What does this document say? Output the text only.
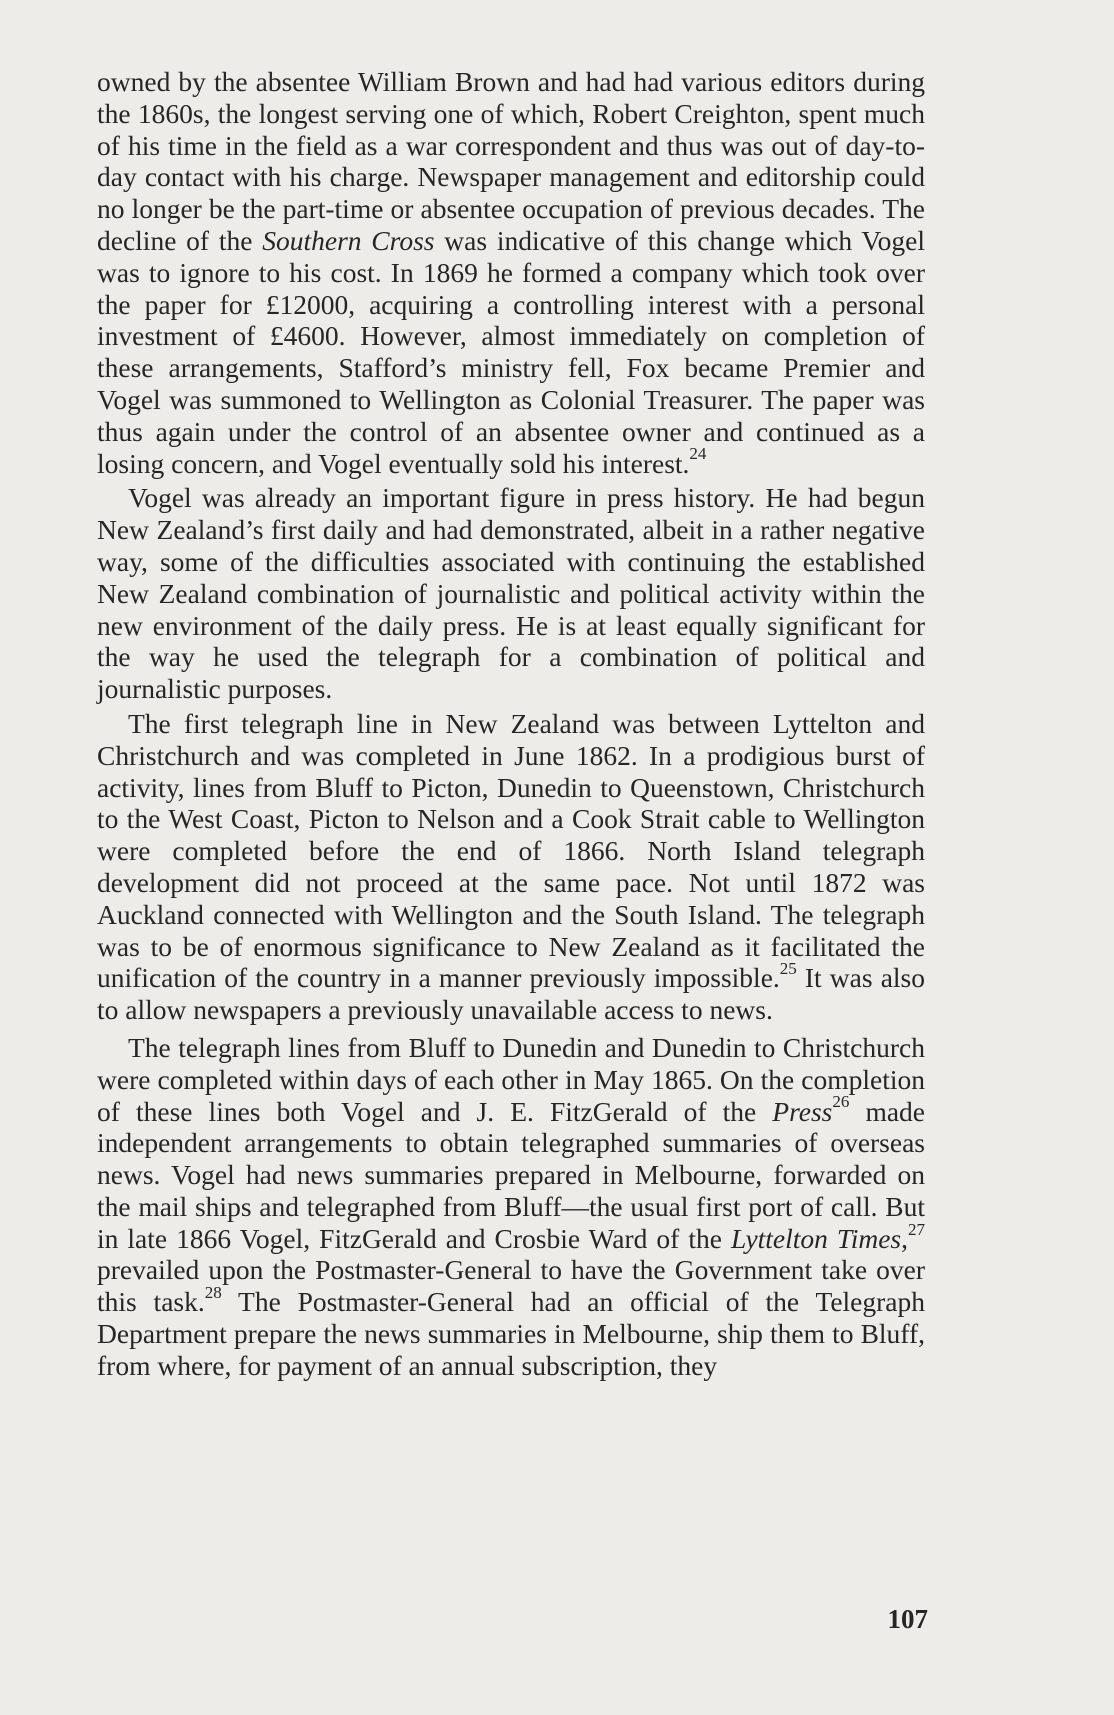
owned by the absentee William Brown and had had various editors during the 1860s, the longest serving one of which, Robert Creighton, spent much of his time in the field as a war correspondent and thus was out of day-to-day contact with his charge. Newspaper management and editorship could no longer be the part-time or absentee occupation of previous decades. The decline of the Southern Cross was indicative of this change which Vogel was to ignore to his cost. In 1869 he formed a company which took over the paper for £12000, acquiring a controlling interest with a personal investment of £4600. However, almost immediately on completion of these arrangements, Stafford’s ministry fell, Fox became Premier and Vogel was summoned to Wellington as Colonial Treasurer. The paper was thus again under the control of an absentee owner and continued as a losing concern, and Vogel eventually sold his interest.$^{24}$

Vogel was already an important figure in press history. He had begun New Zealand’s first daily and had demonstrated, albeit in a rather negative way, some of the difficulties associated with continuing the established New Zealand combination of journalistic and political activity within the new environment of the daily press. He is at least equally significant for the way he used the telegraph for a combination of political and journalistic purposes.

The first telegraph line in New Zealand was between Lyttelton and Christchurch and was completed in June 1862. In a prodigious burst of activity, lines from Bluff to Picton, Dunedin to Queenstown, Christchurch to the West Coast, Picton to Nelson and a Cook Strait cable to Wellington were completed before the end of 1866. North Island telegraph development did not proceed at the same pace. Not until 1872 was Auckland connected with Wellington and the South Island. The telegraph was to be of enormous significance to New Zealand as it facilitated the unification of the country in a manner previously impossible.$^{25}$ It was also to allow newspapers a previously unavailable access to news.

The telegraph lines from Bluff to Dunedin and Dunedin to Christchurch were completed within days of each other in May 1865. On the completion of these lines both Vogel and J. E. FitzGerald of the Press$^{26}$ made independent arrangements to obtain telegraphed summaries of overseas news. Vogel had news summaries prepared in Melbourne, forwarded on the mail ships and telegraphed from Bluff—the usual first port of call. But in late 1866 Vogel, FitzGerald and Crosbie Ward of the Lyttelton Times,$^{27}$ prevailed upon the Postmaster-General to have the Government take over this task.$^{28}$ The Postmaster-General had an official of the Telegraph Department prepare the news summaries in Melbourne, ship them to Bluff, from where, for payment of an annual subscription, they

107
